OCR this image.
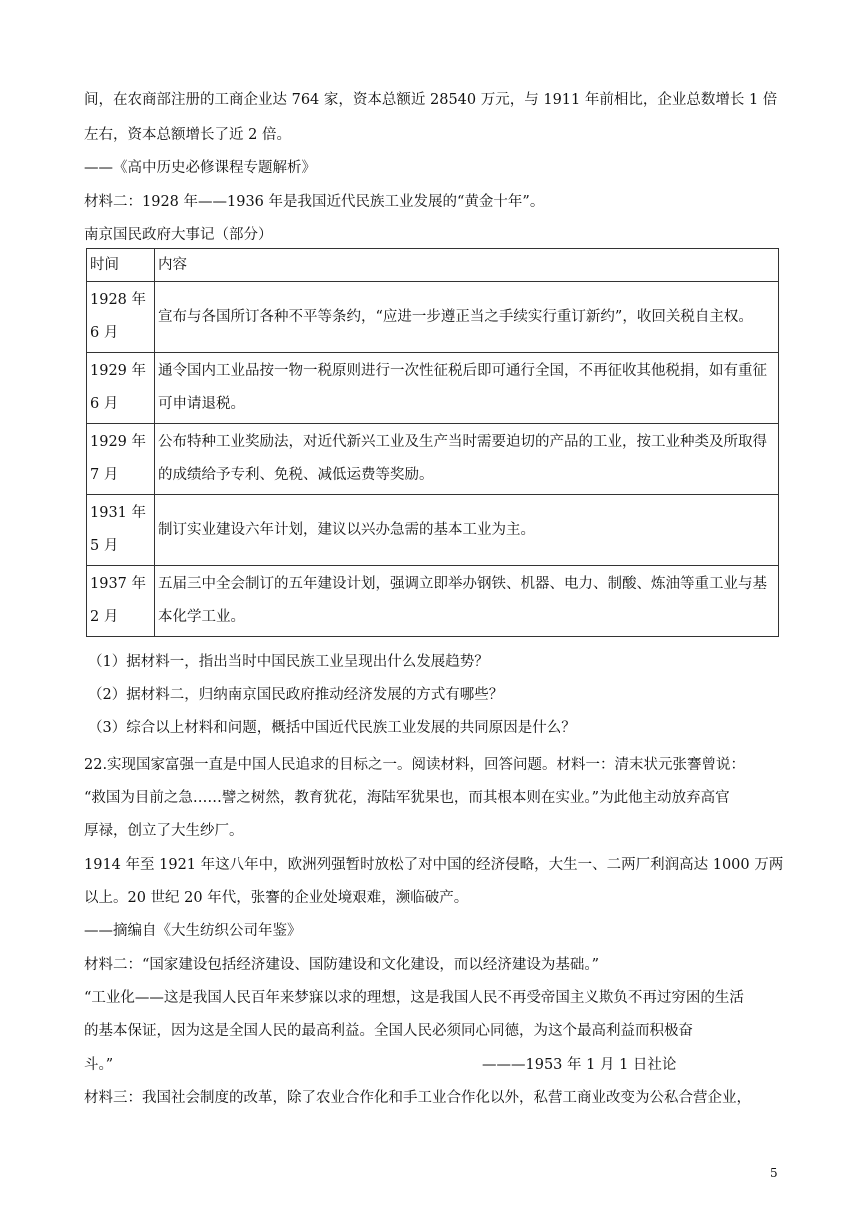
间，在农商部注册的工商企业达 764 家，资本总额近 28540 万元，与 1911 年前相比，企业总数增长 1 倍
左右，资本总额增长了近 2 倍。
——《高中历史必修课程专题解析》
材料二：1928 年——1936 年是我国近代民族工业发展的“黄金十年”。
南京国民政府大事记（部分）
时间	内容
1928 年 6 月	宣布与各国所订各种不平等条约，“应进一步遵正当之手续实行重订新约”，收回关税自主权。
1929 年 6 月	通令国内工业品按一物一税原则进行一次性征税后即可通行全国，不再征收其他税捐，如有重征可申请退税。
1929 年 7 月	公布特种工业奖励法，对近代新兴工业及生产当时需要迫切的产品的工业，按工业种类及所取得的成绩给予专利、免税、减低运费等奖励。
1931 年 5 月	制订实业建设六年计划，建议以兴办急需的基本工业为主。
1937 年 2 月	五届三中全会制订的五年建设计划，强调立即举办钢铁、机器、电力、制酸、炼油等重工业与基本化学工业。
（1）据材料一，指出当时中国民族工业呈现出什么发展趋势？
（2）据材料二，归纳南京国民政府推动经济发展的方式有哪些？
（3）综合以上材料和问题，概括中国近代民族工业发展的共同原因是什么？
22.实现国家富强一直是中国人民追求的目标之一。阅读材料，回答问题。材料一：清末状元张謇曾说：
“救国为目前之急……譬之树然，教育犹花，海陆军犹果也，而其根本则在实业。”为此他主动放弃高官
厚禄，创立了大生纱厂。
1914 年至 1921 年这八年中，欧洲列强暂时放松了对中国的经济侵略，大生一、二两厂利润高达 1000 万两
以上。20 世纪 20 年代，张謇的企业处境艰难，濒临破产。
——摘编自《大生纺织公司年鉴》
材料二：“国家建设包括经济建设、国防建设和文化建设，而以经济建设为基础。”
“工业化——这是我国人民百年来梦寐以求的理想，这是我国人民不再受帝国主义欺负不再过穷困的生活
的基本保证，因为这是全国人民的最高利益。全国人民必须同心同德，为这个最高利益而积极奋
斗。”	———1953 年 1 月 1 日社论
材料三：我国社会制度的改革，除了农业合作化和手工业合作化以外，私营工商业改变为公私合营企业，
5
